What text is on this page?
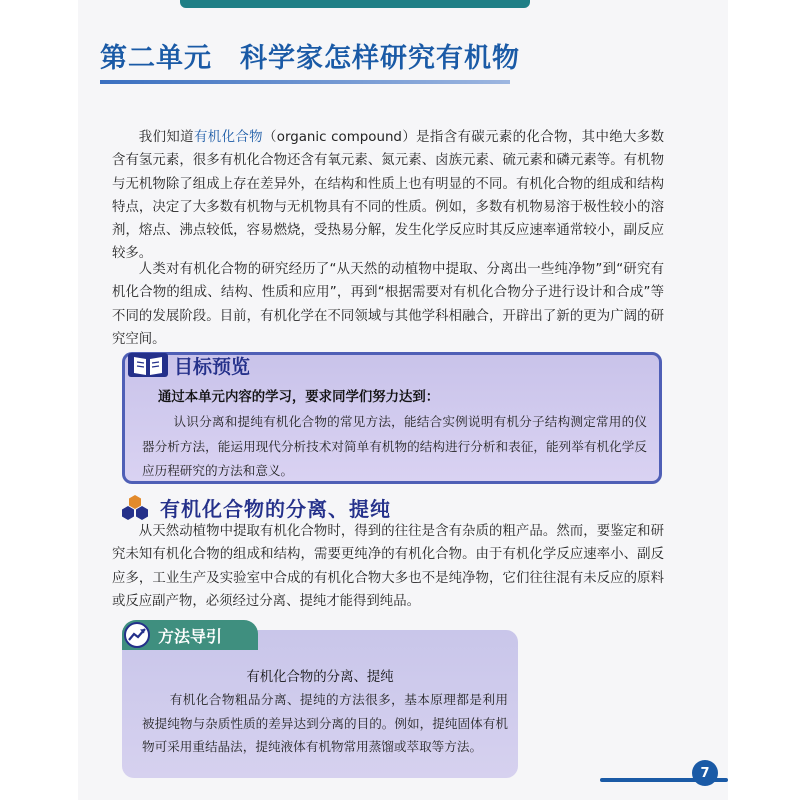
第二单元　科学家怎样研究有机物

我们知道有机化合物（organic compound）是指含有碳元素的化合物，其中绝大多数含有氢元素，很多有机化合物还含有氧元素、氮元素、卤族元素、硫元素和磷元素等。有机物与无机物除了组成上存在差异外，在结构和性质上也有明显的不同。有机化合物的组成和结构特点，决定了大多数有机物与无机物具有不同的性质。例如，多数有机物易溶于极性较小的溶剂，熔点、沸点较低，容易燃烧，受热易分解，发生化学反应时其反应速率通常较小，副反应较多。

人类对有机化合物的研究经历了“从天然的动植物中提取、分离出一些纯净物”到“研究有机化合物的组成、结构、性质和应用”，再到“根据需要对有机化合物分子进行设计和合成”等不同的发展阶段。目前，有机化学在不同领域与其他学科相融合，开辟出了新的更为广阔的研究空间。

目标预览

通过本单元内容的学习，要求同学们努力达到：

认识分离和提纯有机化合物的常见方法，能结合实例说明有机分子结构测定常用的仪器分析方法，能运用现代分析技术对简单有机物的结构进行分析和表征，能列举有机化学反应历程研究的方法和意义。

有机化合物的分离、提纯

从天然动植物中提取有机化合物时，得到的往往是含有杂质的粗产品。然而，要鉴定和研究未知有机化合物的组成和结构，需要更纯净的有机化合物。由于有机化学反应速率小、副反应多，工业生产及实验室中合成的有机化合物大多也不是纯净物，它们往往混有未反应的原料或反应副产物，必须经过分离、提纯才能得到纯品。

方法导引

有机化合物的分离、提纯

有机化合物粗品分离、提纯的方法很多，基本原理都是利用被提纯物与杂质性质的差异达到分离的目的。例如，提纯固体有机物可采用重结晶法，提纯液体有机物常用蒸馏或萃取等方法。

7
